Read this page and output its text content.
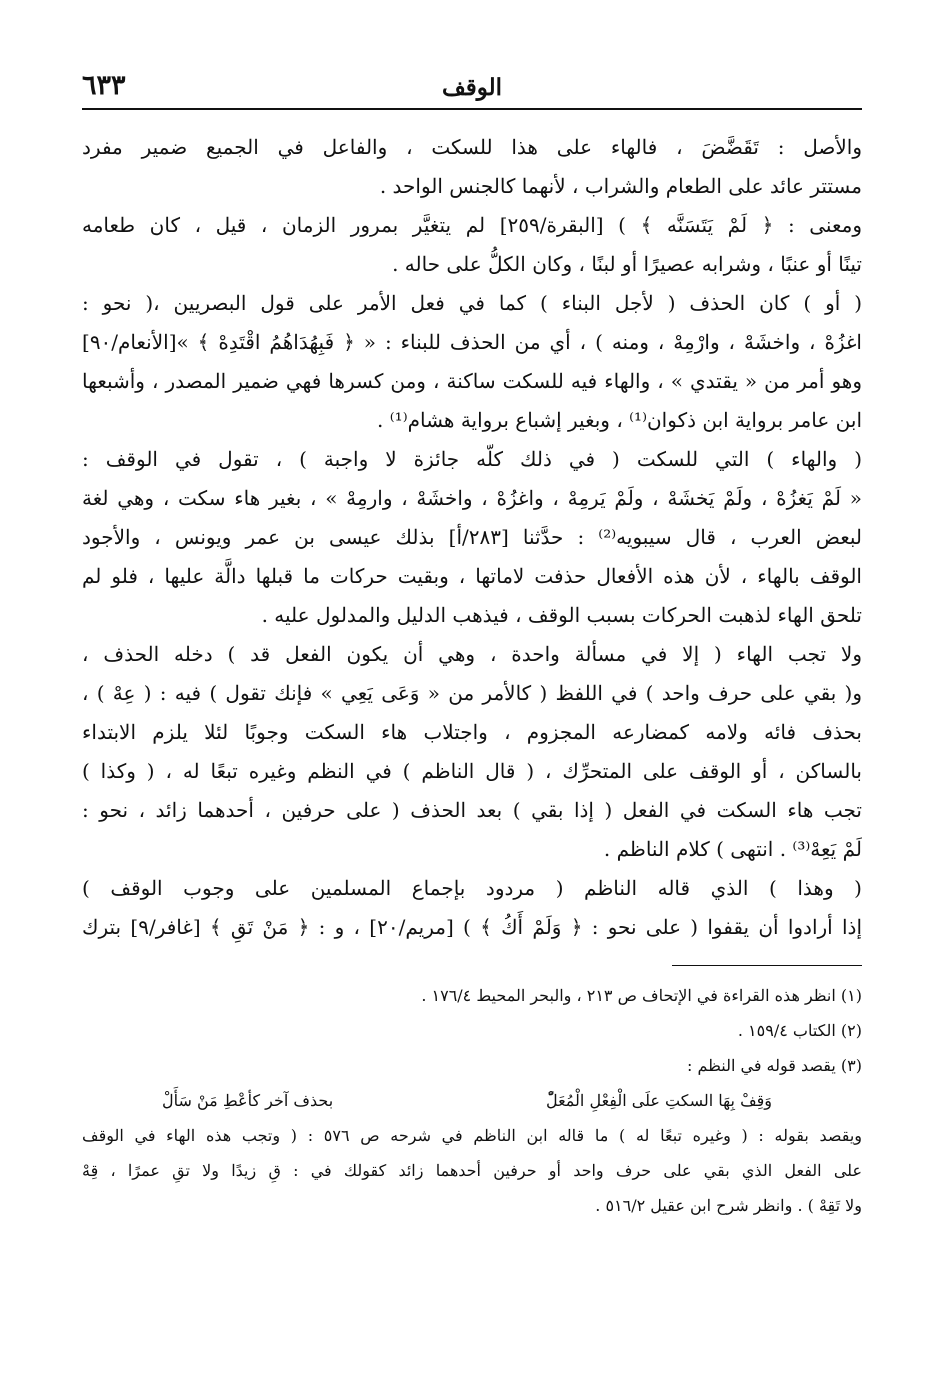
الوقف
٦٣٣
والأصل : تَقَضَّضَ ، فالهاء على هذا للسكت ، والفاعل في الجميع ضمير مفرد
مستتر عائد على الطعام والشراب ، لأنهما كالجنس الواحد .
ومعنى : ﴿ لَمْ يَتَسَنَّه ﴾ ) [البقرة/٢٥٩] لم يتغيَّر بمرور الزمان ، قيل ، كان طعامه
تينًا أو عنبًا ، وشرابه عصيرًا أو لبنًا ، وكان الكلُّ على حاله .
( أو ) كان الحذف ( لأجل البناء ) كما في فعل الأمر على قول البصريين ،( نحو :
اغزُهْ ، واخشَهْ ، وارْمِهْ ، ومنه ) ، أي من الحذف للبناء : « ﴿ فَبِهُدَاهُمُ اقْتَدِهْ ﴾ »[الأنعام/٩٠]
وهو أمر من « يقتدي » ، والهاء فيه للسكت ساكنة ، ومن كسرها فهي ضمير المصدر ، وأشبعها
ابن عامر برواية ابن ذكوان⁽¹⁾ ، وبغير إشباع برواية هشام⁽¹⁾ .
( والهاء ) التي للسكت ( في ذلك كلّه جائزة لا واجبة ) ، تقول في الوقف :
« لَمْ يَغزُهْ ، ولَمْ يَخشَهْ ، ولَمْ يَرمِهْ ، واغزُهْ ، واخشَهْ ، وارمِهْ » ، بغير هاء سكت ، وهي لغة
لبعض العرب ، قال سيبويه⁽²⁾ : حدَّثنا [٢٨٣/أ] بذلك عيسى بن عمر ويونس ، والأجود
الوقف بالهاء ، لأن هذه الأفعال حذفت لاماتها ، وبقيت حركات ما قبلها دالَّة عليها ، فلو لم
تلحق الهاء لذهبت الحركات بسبب الوقف ، فيذهب الدليل والمدلول عليه .
ولا تجب الهاء ( إلا في مسألة واحدة ، وهي أن يكون الفعل قد ) دخله الحذف ،
و( بقي على حرف واحد ) في اللفظ ( كالأمر من « وَعَى يَعِي » فإنك تقول ) فيه : ( عِهْ ) ،
بحذف فائه ولامه كمضارعه المجزوم ، واجتلاب هاء السكت وجوبًا لئلا يلزم الابتداء
بالساكن ، أو الوقف على المتحرِّك ، ( قال الناظم ) في النظم وغيره تبعًا له ، ( وكذا )
تجب هاء السكت في الفعل ( إذا بقي ) بعد الحذف ( على حرفين ، أحدهما زائد ، نحو :
لَمْ يَعِهْ⁽³⁾ . انتهى ) كلام الناظم .
( وهذا ) الذي قاله الناظم ( مردود بإجماع المسلمين على وجوب الوقف )
إذا أرادوا أن يقفوا ( على نحو : ﴿ وَلَمْ أَكُ ﴾ ) [مريم/٢٠] ، و : ﴿ مَنْ تَقِ ﴾ [غافر/٩] بترك
(١) انظر هذه القراءة في الإتحاف ص ٢١٣ ، والبحر المحيط ١٧٦/٤ .
(٢) الكتاب ١٥٩/٤ .
(٣) يقصد قوله في النظم :
وَقِفْ بِهَا السكتِ علَى الْفِعْلِ الْمُعَلّْ
بحذف آخر كأعْطِ مَنْ سَأَلْ
ويقصد بقوله : ( وغيره تبعًا له ) ما قاله ابن الناظم في شرحه ص ٥٧٦ : ( وتجب هذه الهاء في الوقف
على الفعل الذي بقي على حرف واحد أو حرفين أحدهما زائد كقولك في : قِ زيدًا ولا تقِ عمرًا ، قِهْ
ولا تَقِهْ ) . وانظر شرح ابن عقيل ٥١٦/٢ .
